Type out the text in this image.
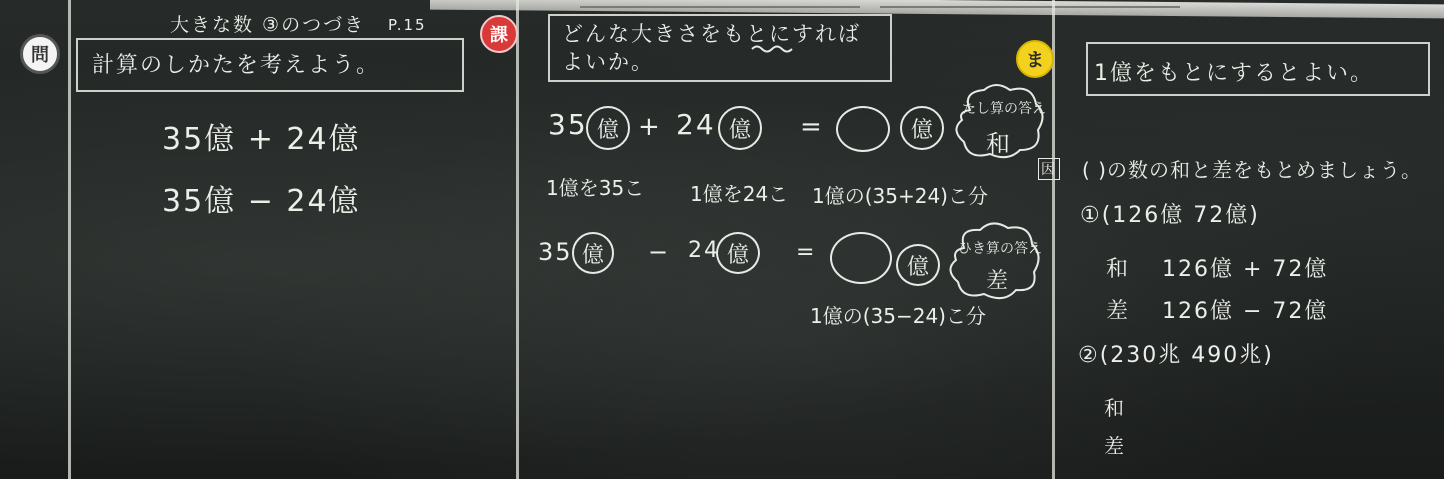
大きな数 ③のつづき P.15
問	計算のしかたを考えよう。
35億 + 24億
35億 − 24億
課	どんな大きさをもとにすれば
よいか。
35 億 + 24 億	=	億
たし算の答え
和
因
1億を35こ 1億を24こ 1億の(35+24)こ分
35 億	− 24 億	=
億
ひき算の答え
差
1億の(35−24)こ分
ま
1億をもとにするとよい。
( )の数の和と差をもとめましょう。
①(126億 72億)
和 126億 + 72億
差 126億 − 72億
②(230兆 490兆)
和
差
